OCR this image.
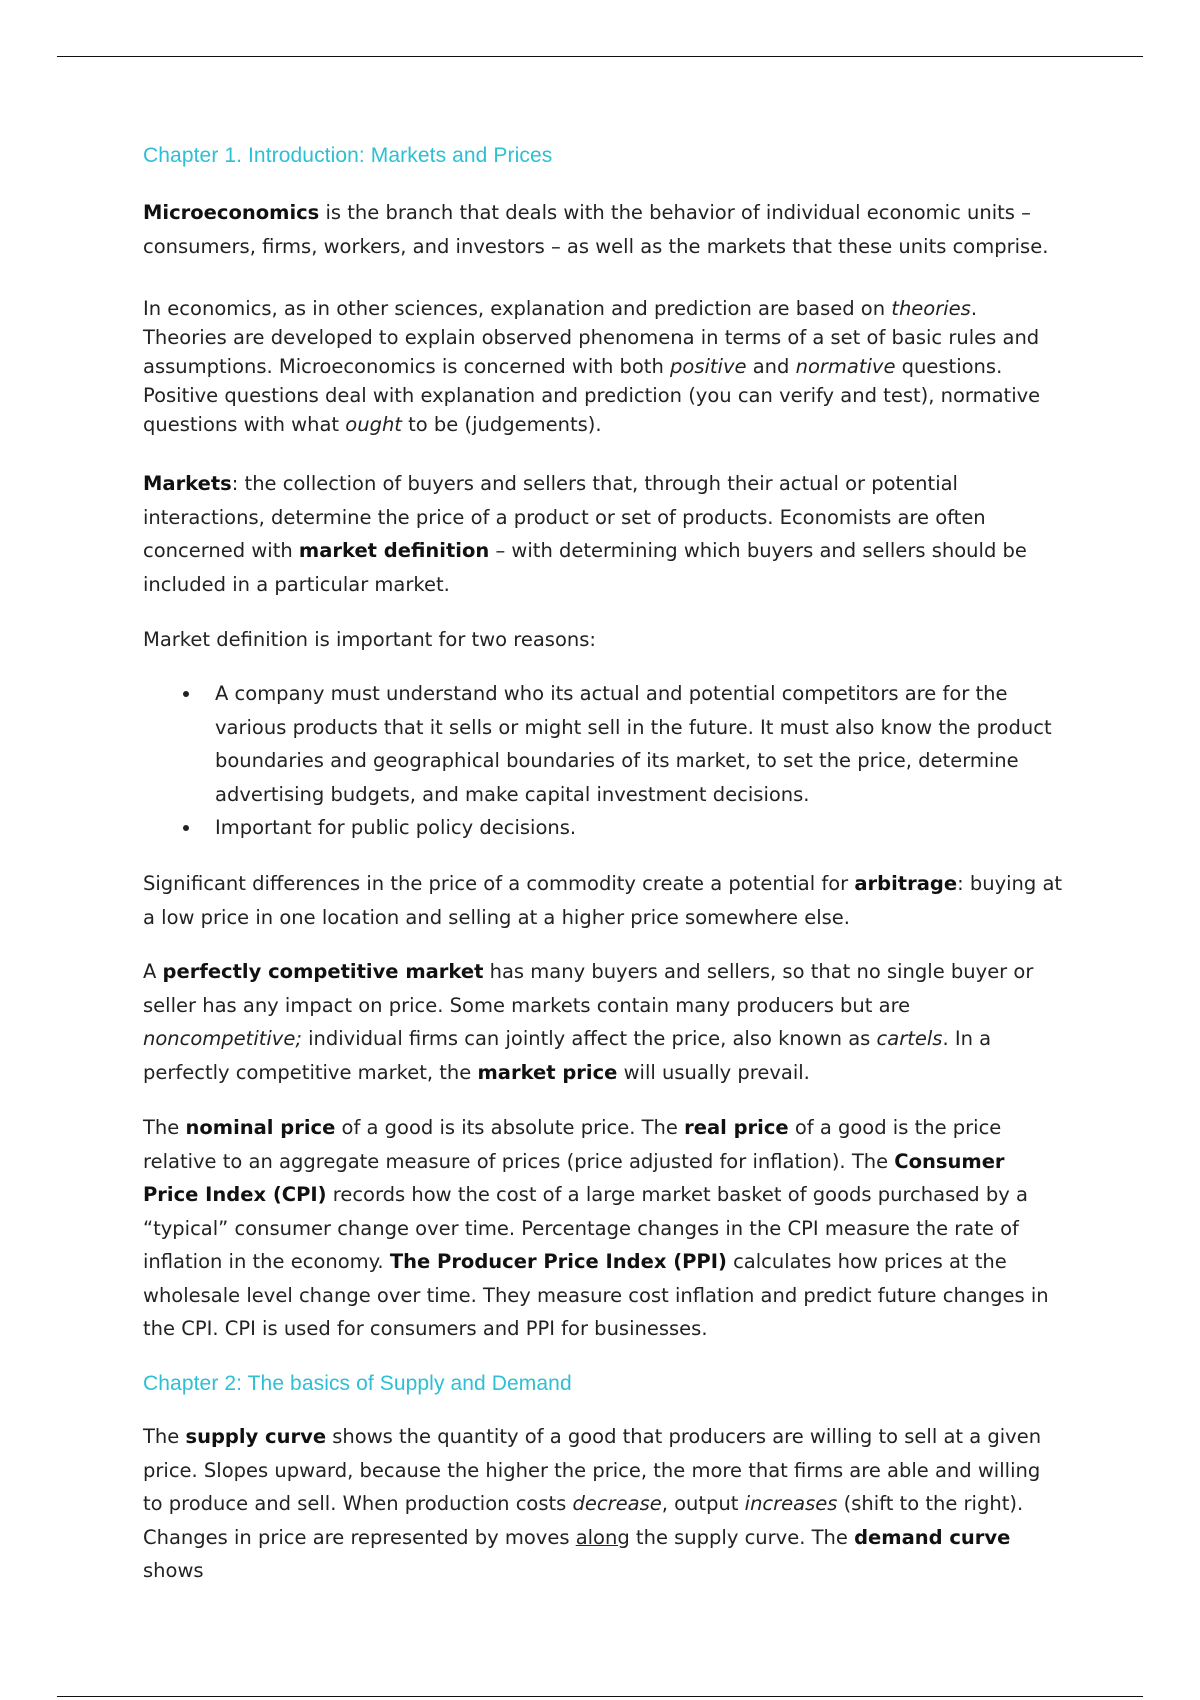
Chapter 1. Introduction: Markets and Prices

Microeconomics is the branch that deals with the behavior of individual economic units – consumers, firms, workers, and investors – as well as the markets that these units comprise.

In economics, as in other sciences, explanation and prediction are based on theories. Theories are developed to explain observed phenomena in terms of a set of basic rules and assumptions. Microeconomics is concerned with both positive and normative questions. Positive questions deal with explanation and prediction (you can verify and test), normative questions with what ought to be (judgements).

Markets: the collection of buyers and sellers that, through their actual or potential interactions, determine the price of a product or set of products. Economists are often concerned with market definition – with determining which buyers and sellers should be included in a particular market.

Market definition is important for two reasons:

A company must understand who its actual and potential competitors are for the various products that it sells or might sell in the future. It must also know the product boundaries and geographical boundaries of its market, to set the price, determine advertising budgets, and make capital investment decisions.
Important for public policy decisions.

Significant differences in the price of a commodity create a potential for arbitrage: buying at a low price in one location and selling at a higher price somewhere else.

A perfectly competitive market has many buyers and sellers, so that no single buyer or seller has any impact on price. Some markets contain many producers but are noncompetitive; individual firms can jointly affect the price, also known as cartels. In a perfectly competitive market, the market price will usually prevail.

The nominal price of a good is its absolute price. The real price of a good is the price relative to an aggregate measure of prices (price adjusted for inflation). The Consumer Price Index (CPI) records how the cost of a large market basket of goods purchased by a “typical” consumer change over time. Percentage changes in the CPI measure the rate of inflation in the economy. The Producer Price Index (PPI) calculates how prices at the wholesale level change over time. They measure cost inflation and predict future changes in the CPI. CPI is used for consumers and PPI for businesses.

Chapter 2: The basics of Supply and Demand

The supply curve shows the quantity of a good that producers are willing to sell at a given price. Slopes upward, because the higher the price, the more that firms are able and willing to produce and sell. When production costs decrease, output increases (shift to the right). Changes in price are represented by moves along the supply curve. The demand curve shows
